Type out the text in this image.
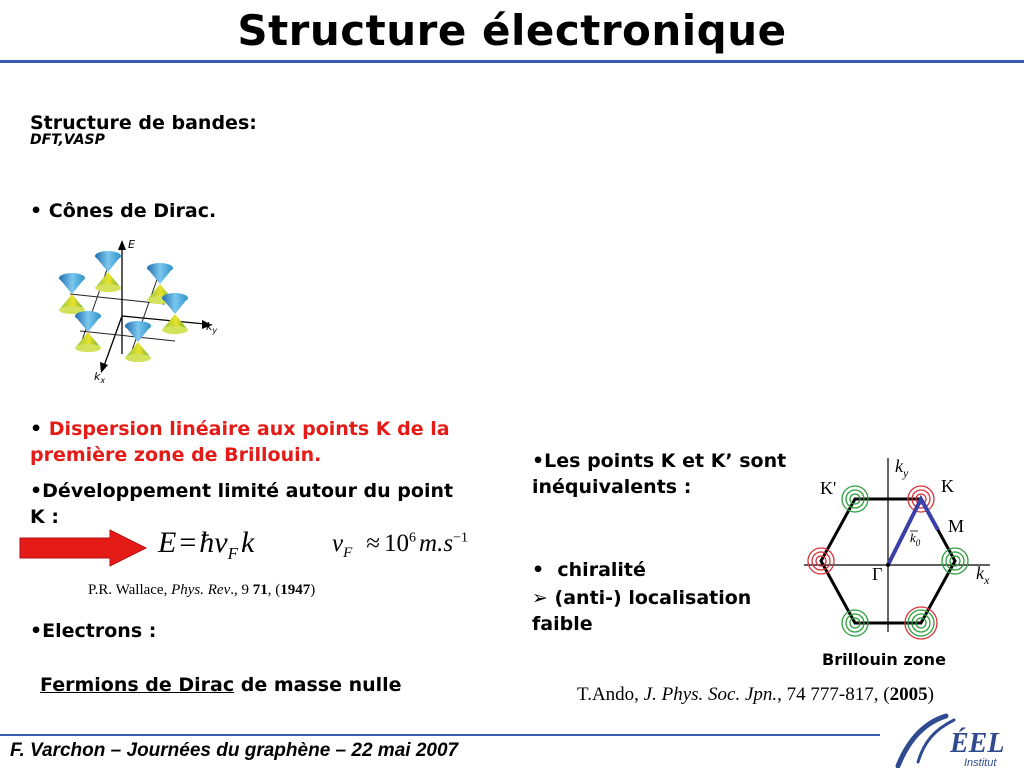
Structure électronique
Structure de bandes:
DFT,VASP
• Cônes de Dirac.
E
$k_y$
$k_x$
• Dispersion linéaire aux points K de la première zone de Brillouin.
•Développement limité autour du point K :
$E = ħv_F$ k	$v_F \approx 10^6$ $m.s^{-1}$
P.R. Wallace, Phys. Rev., 9 71, (1947)
•Electrons :
Fermions de Dirac de masse nulle
•Les points K et K’ sont inéquivalents :
• chiralité
➢ (anti-) localisation faible
$k_y$
$k_x$
K'	K
M
Γ
$k_0$
Brillouin zone
T.Ando, J. Phys. Soc. Jpn., 74 777-817, (2005)
F. Varchon – Journées du graphène – 22 mai 2007	ÉEL
Institut
